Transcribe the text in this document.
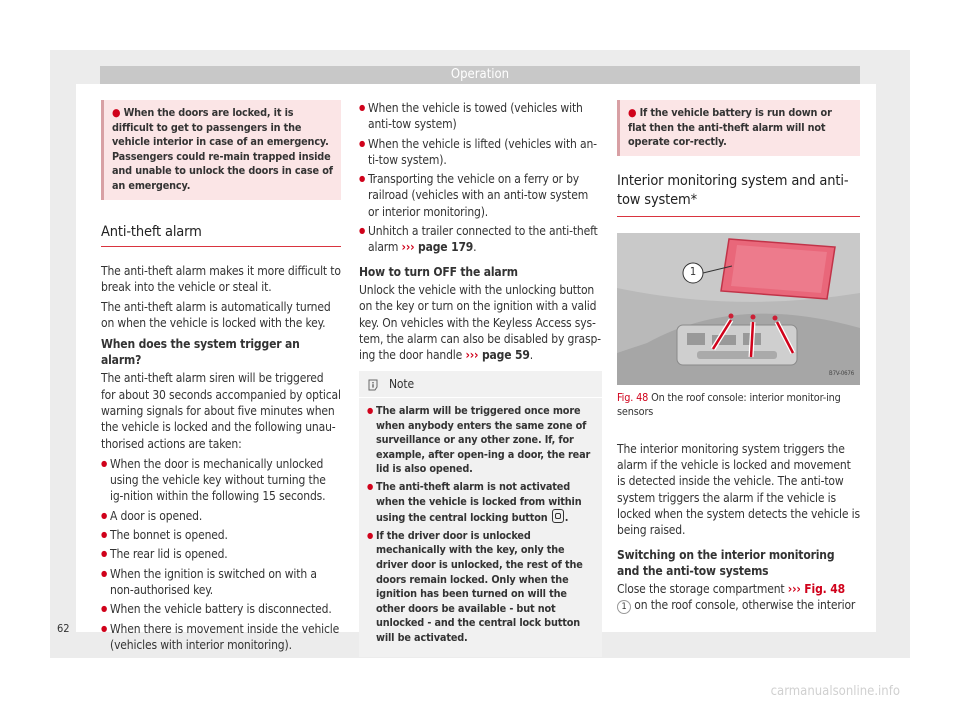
Operation
● When the doors are locked, it is difficult to get to passengers in the vehicle interior in case of an emergency. Passengers could re-main trapped inside and unable to unlock the doors in case of an emergency.
Anti-theft alarm

The anti-theft alarm makes it more difficult to break into the vehicle or steal it.

The anti-theft alarm is automatically turned on when the vehicle is locked with the key.

When does the system trigger an alarm?

The anti-theft alarm siren will be triggered for about 30 seconds accompanied by optical warning signals for about five minutes when the vehicle is locked and the following unau-thorised actions are taken:

● When the door is mechanically unlocked using the vehicle key without turning the ig-nition within the following 15 seconds.

● A door is opened.

● The bonnet is opened.

● The rear lid is opened.

● When the ignition is switched on with a non-authorised key.

● When the vehicle battery is disconnected.

● When there is movement inside the vehicle (vehicles with interior monitoring).

● When the vehicle is towed (vehicles with anti-tow system)

● When the vehicle is lifted (vehicles with an-ti-tow system).

● Transporting the vehicle on a ferry or by railroad (vehicles with an anti-tow system or interior monitoring).

● Unhitch a trailer connected to the anti-theft alarm ››› page 179.

How to turn OFF the alarm

Unlock the vehicle with the unlocking button on the key or turn on the ignition with a valid key. On vehicles with the Keyless Access sys-tem, the alarm can also be disabled by grasp-ing the door handle ››› page 59.

Note

● The alarm will be triggered once more when anybody enters the same zone of surveillance or any other zone. If, for example, after open-ing a door, the rear lid is also opened.

● The anti-theft alarm is not activated when the vehicle is locked from within using the central locking button .

● If the driver door is unlocked mechanically with the key, only the driver door is unlocked, the rest of the doors remain locked. Only when the ignition has been turned on will the other doors be available - but not unlocked - and the central lock button will be activated.

● If the vehicle battery is run down or flat then the anti-theft alarm will not operate cor-rectly.
Interior monitoring system and anti-tow system*
1
B7V-0676
Fig. 48 On the roof console: interior monitor-ing sensors

The interior monitoring system triggers the alarm if the vehicle is locked and movement is detected inside the vehicle. The anti-tow system triggers the alarm if the vehicle is locked when the system detects the vehicle is being raised.

Switching on the interior monitoring and the anti-tow systems

Close the storage compartment ››› Fig. 48 1 on the roof console, otherwise the interior

62
carmanualsonline.info
